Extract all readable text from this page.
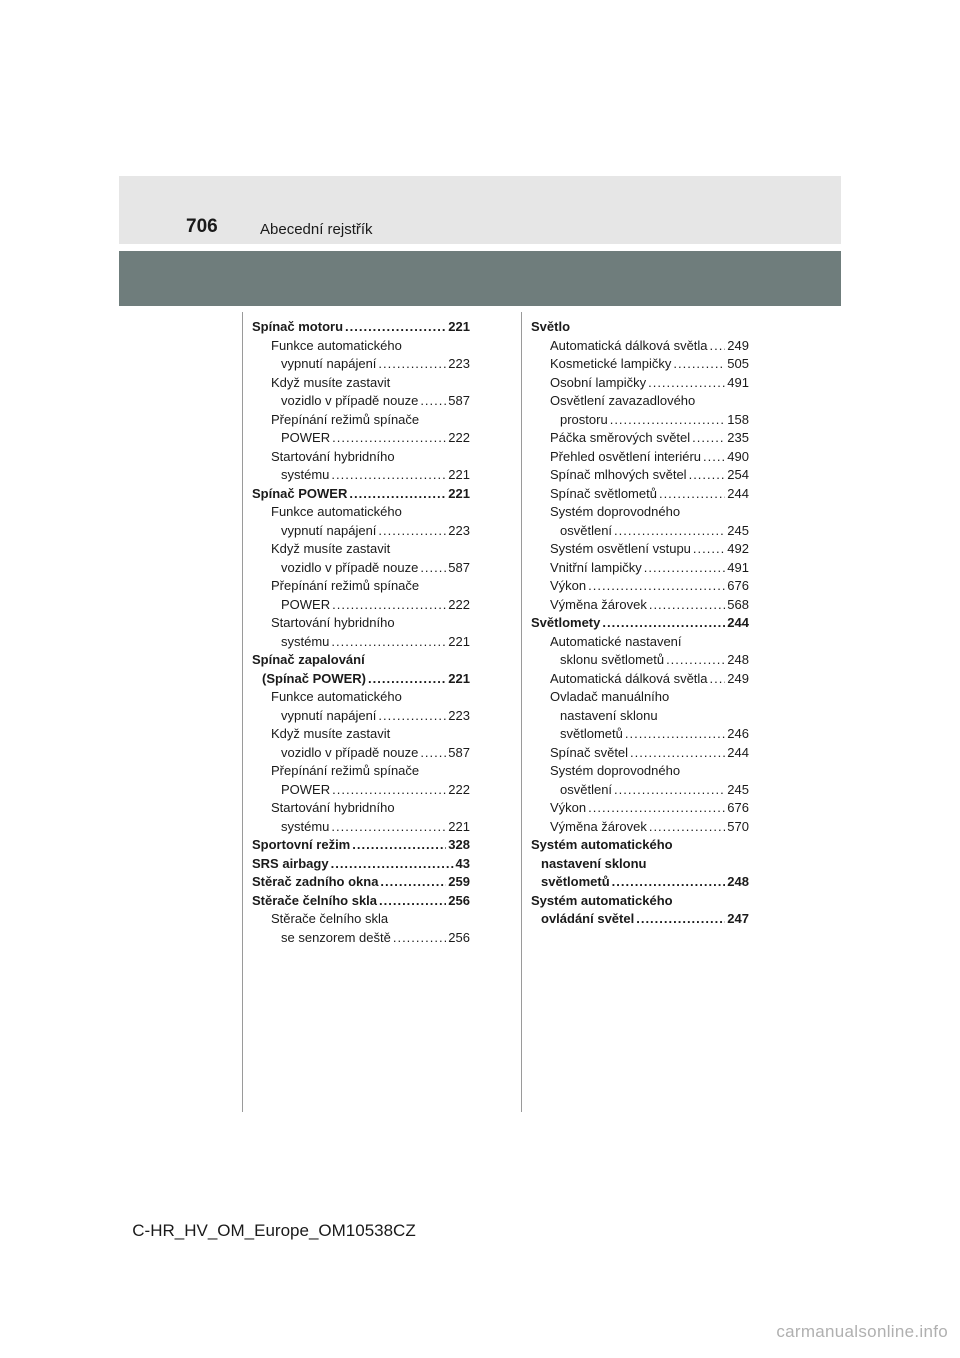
706	Abecední rejstřík
Spínač motoru .....	221
Funkce automatického
vypnutí napájení .....	223
Když musíte zastavit
vozidlo v případě nouze ..... 587
Přepínání režimů spínače
POWER .....	222
Startování hybridního
systému .....	221
Spínač POWER .....	221
Funkce automatického
vypnutí napájení .....	223
Když musíte zastavit
vozidlo v případě nouze ..... 587
Přepínání režimů spínače
POWER .....	222
Startování hybridního
systému .....	221
Spínač zapalování
(Spínač POWER) .....	221
Funkce automatického
vypnutí napájení .....	223
Když musíte zastavit
vozidlo v případě nouze ..... 587
Přepínání režimů spínače
POWER .....	222
Startování hybridního
systému .....	221
Sportovní režim .....	328
SRS airbagy .....	43
Stěrač zadního okna .....	259
Stěrače čelního skla .....	256
Stěrače čelního skla
se senzorem deště .....	256
Světlo
Automatická dálková světla ..... 249
Kosmetické lampičky .....	505
Osobní lampičky .....	491
Osvětlení zavazadlového
prostoru .....	158
Páčka směrových světel .....	235
Přehled osvětlení interiéru ..... 490
Spínač mlhových světel .....	254
Spínač světlometů .....	244
Systém doprovodného
osvětlení .....	245
Systém osvětlení vstupu .....	492
Vnitřní lampičky .....	491
Výkon .....	676
Výměna žárovek .....	568
Světlomety .....	244
Automatické nastavení
sklonu světlometů .....	248
Automatická dálková světla ..... 249
Ovladač manuálního
nastavení sklonu
světlometů .....	246
Spínač světel .....	244
Systém doprovodného
osvětlení .....	245
Výkon .....	676
Výměna žárovek .....	570
Systém automatického
nastavení sklonu
světlometů .....	248
Systém automatického
ovládání světel .....	247
C-HR_HV_OM_Europe_OM10538CZ
carmanualsonline.info
